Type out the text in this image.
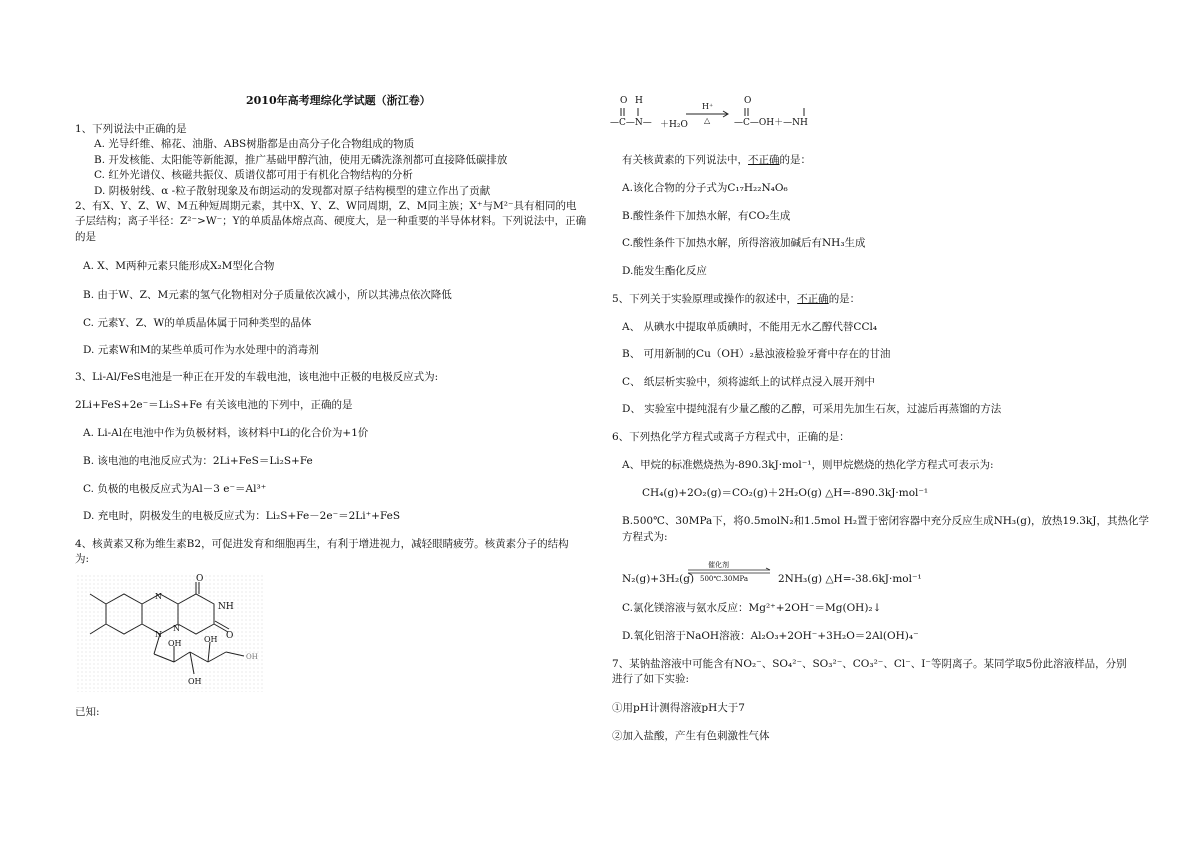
2010年高考理综化学试题（浙江卷）
1、下列说法中正确的是
A. 光导纤维、棉花、油脂、ABS树脂都是由高分子化合物组成的物质
B. 开发核能、太阳能等新能源，推广基础甲醇汽油，使用无磷洗涤剂都可直接降低碳排放
C. 红外光谱仪、核磁共振仪、质谱仪都可用于有机化合物结构的分析
D. 阴极射线、α -粒子散射现象及布朗运动的发现都对原子结构模型的建立作出了贡献
2、有X、Y、Z、W、M五种短周期元素，其中X、Y、Z、W同周期，Z、M同主族；X⁺与M²⁻具有相同的电
子层结构；离子半径：Z²⁻>W⁻；Y的单质晶体熔点高、硬度大，是一种重要的半导体材料。下列说法中，正确
的是
A. X、M两种元素只能形成X₂M型化合物
B. 由于W、Z、M元素的氢气化物相对分子质量依次减小，所以其沸点依次降低
C. 元素Y、Z、W的单质晶体属于同种类型的晶体
D. 元素W和M的某些单质可作为水处理中的消毒剂
3、Li-Al/FeS电池是一种正在开发的车载电池，该电池中正极的电极反应式为:
2Li+FeS+2e⁻＝Li₂S+Fe 有关该电池的下列中，正确的是
A. Li-Al在电池中作为负极材料，该材料中Li的化合价为+1价
B. 该电池的电池反应式为：2Li+FeS＝Li₂S+Fe
C. 负极的电极反应式为Al－3 e⁻＝Al³⁺
D. 充电时，阴极发生的电极反应式为：Li₂S+Fe－2e⁻＝2Li⁺+FeS
4、核黄素又称为维生素B2，可促进发育和细胞再生，有利于增进视力，减轻眼睛疲劳。核黄素分子的结构
为:
O
NH
O
OH	OH
OH
OH
N
N
N
已知:
O H
—C—N— ＋H₂O
H⁺
△
O
—C—OH＋—NH
有关核黄素的下列说法中，不正确的是：
A.该化合物的分子式为C₁₇H₂₂N₄O₆
B.酸性条件下加热水解，有CO₂生成
C.酸性条件下加热水解，所得溶液加碱后有NH₃生成
D.能发生酯化反应
5、下列关于实验原理或操作的叙述中，不正确的是：
A、 从碘水中提取单质碘时，不能用无水乙醇代替CCl₄
B、 可用新制的Cu（OH）₂悬浊液检验牙膏中存在的甘油
C、 纸层析实验中，须将滤纸上的试样点浸入展开剂中
D、 实验室中提纯混有少量乙酸的乙醇，可采用先加生石灰，过滤后再蒸馏的方法
6、下列热化学方程式或离子方程式中，正确的是：
A、甲烷的标准燃烧热为-890.3kJ·mol⁻¹，则甲烷燃烧的热化学方程式可表示为:
CH₄(g)+2O₂(g)＝CO₂(g)＋2H₂O(g) △H=-890.3kJ·mol⁻¹
B.500℃、30MPa下，将0.5molN₂和1.5mol H₂置于密闭容器中充分反应生成NH₃(g)，放热19.3kJ，其热化学
方程式为:
N₂(g)+3H₂(g)
催化剂
500℃.30MPa	2NH₃(g) △H=-38.6kJ·mol⁻¹
C.氯化镁溶液与氨水反应：Mg²⁺+2OH⁻＝Mg(OH)₂↓
D.氧化铝溶于NaOH溶液：Al₂O₃+2OH⁻+3H₂O＝2Al(OH)₄⁻
7、某钠盐溶液中可能含有NO₂⁻、SO₄²⁻、SO₃²⁻、CO₃²⁻、Cl⁻、I⁻等阴离子。某同学取5份此溶液样品，分别
进行了如下实验:
①用pH计测得溶液pH大于7
②加入盐酸，产生有色刺激性气体
